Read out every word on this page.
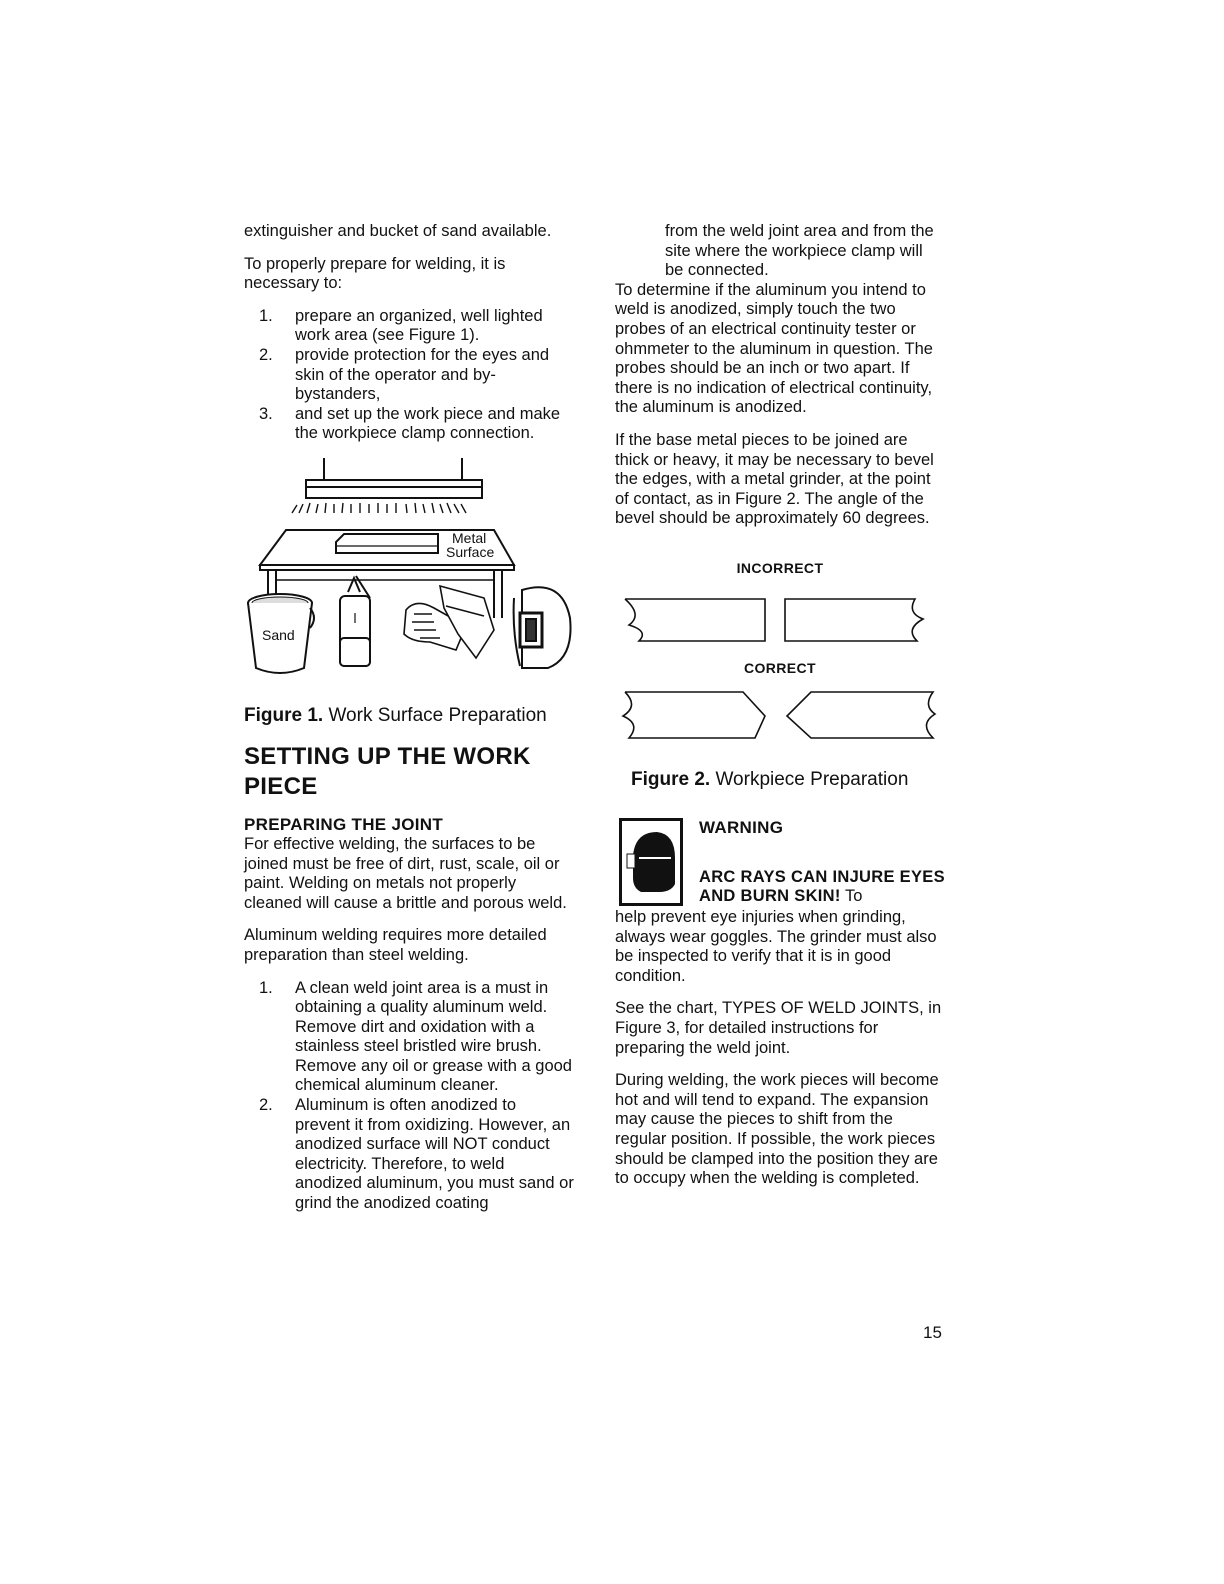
extinguisher and bucket of sand available.

To properly prepare for welding, it is necessary to:

1.	prepare an organized, well lighted work area (see Figure 1).
2.	provide protection for the eyes and skin of the operator and by-bystanders,
3.	and set up the work piece and make the workpiece clamp connection.
Metal
Surface
Sand

Figure 1. Work Surface Preparation

SETTING UP THE WORK PIECE
PREPARING THE JOINT

For effective welding, the surfaces to be joined must be free of dirt, rust, scale, oil or paint. Welding on metals not properly cleaned will cause a brittle and porous weld.

Aluminum welding requires more detailed preparation than steel welding.

1.	A clean weld joint area is a must in obtaining a quality aluminum weld. Remove dirt and oxidation with a stainless steel bristled wire brush. Remove any oil or grease with a good chemical aluminum cleaner.
2.	Aluminum is often anodized to prevent it from oxidizing. However, an anodized surface will NOT conduct electricity. Therefore, to weld anodized aluminum, you must sand or grind the anodized coating

from the weld joint area and from the site where the workpiece clamp will be connected.

To determine if the aluminum you intend to weld is anodized, simply touch the two probes of an electrical continuity tester or ohmmeter to the aluminum in question. The probes should be an inch or two apart. If there is no indication of electrical continuity, the aluminum is anodized.

If the base metal pieces to be joined are thick or heavy, it may be necessary to bevel the edges, with a metal grinder, at the point of contact, as in Figure 2. The angle of the bevel should be approximately 60 degrees.

INCORRECT
CORRECT

Figure 2. Workpiece Preparation

WARNING
ARC RAYS CAN INJURE EYES AND BURN SKIN! To

help prevent eye injuries when grinding, always wear goggles. The grinder must also be inspected to verify that it is in good condition.

See the chart, TYPES OF WELD JOINTS, in Figure 3, for detailed instructions for preparing the weld joint.

During welding, the work pieces will become hot and will tend to expand. The expansion may cause the pieces to shift from the regular position. If possible, the work pieces should be clamped into the position they are to occupy when the welding is completed.

15
